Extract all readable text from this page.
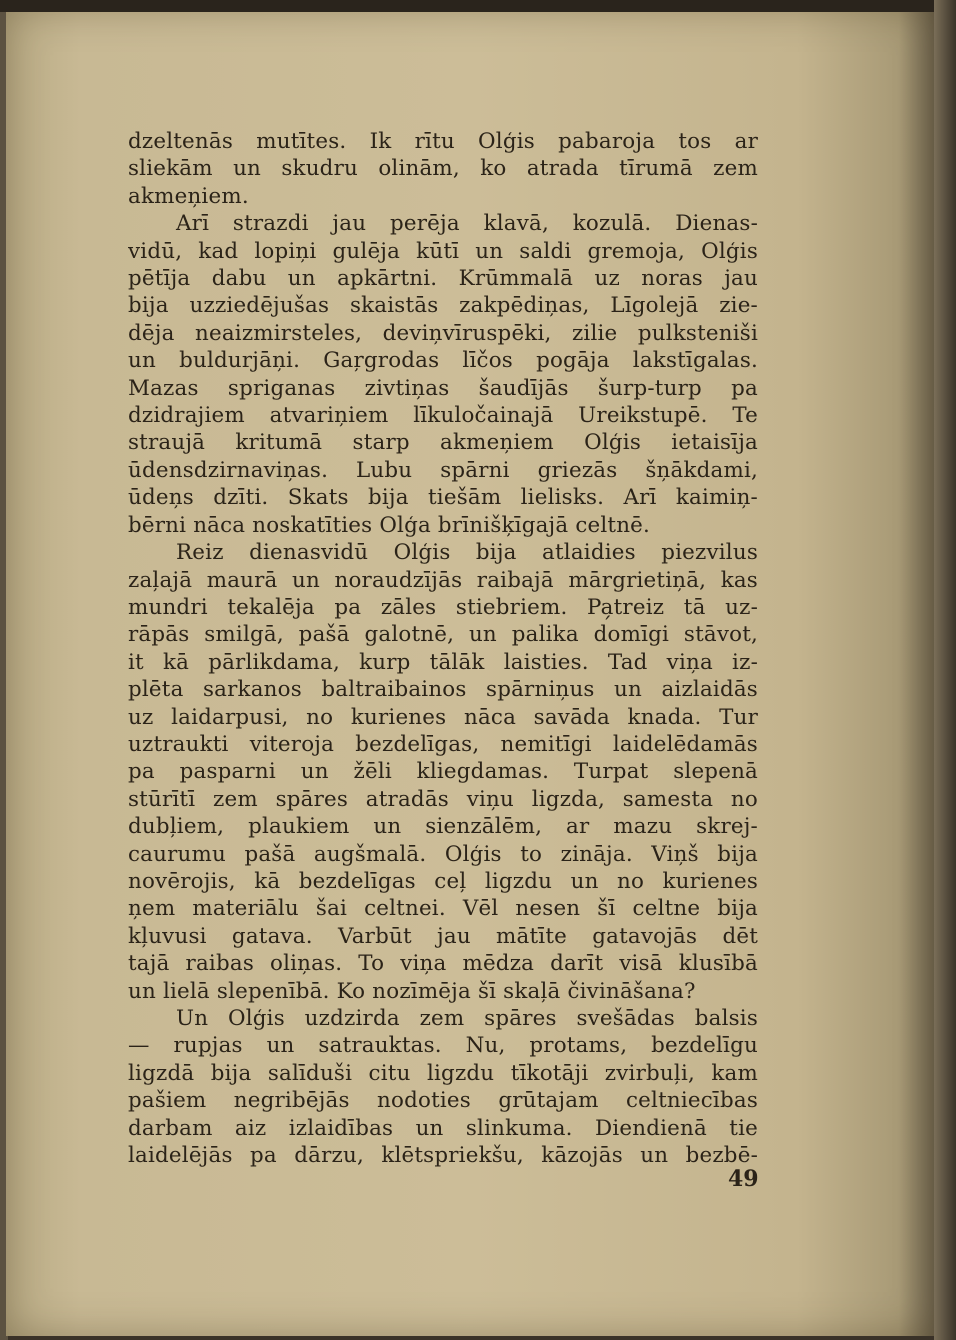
dzeltenās mutītes. Ik rītu Olģis pabaroja tos ar
sliekām un skudru olinām, ko atrada tīrumā zem
akmeņiem.
Arī strazdi jau perēja klavā, kozulā. Dienas-
vidū, kad lopiņi gulēja kūtī un saldi gremoja, Olģis
pētīja dabu un apkārtni. Krūmmalā uz noras jau
bija uzziedējušas skaistās zakpēdiņas, Līgolejā zie-
dēja neaizmirsteles, deviņvīruspēki, zilie pulksteniši
un buldurjāņi. Gaŗgrodas līčos pogāja lakstīgalas.
Mazas spriganas zivtiņas šaudījās šurp-turp pa
dzidrajiem atvariņiem līkuločainajā Ureikstupē. Te
straujā kritumā starp akmeņiem Olģis ietaisīja
ūdensdzirnaviņas. Lubu spārni griezās šņākdami,
ūdeņs dzīti. Skats bija tiešām lielisks. Arī kaimiņ-
bērni nāca noskatīties Olģa brīnišķīgajā celtnē.
Reiz dienasvidū Olģis bija atlaidies piezvilus
zaļajā maurā un noraudzījās raibajā mārgrietiņā, kas
mundri tekalēja pa zāles stiebriem. Pa̗treiz tā uz-
rāpās smilgā, pašā galotnē, un palika domīgi stāvot,
it kā pārlikdama, kurp tālāk laisties. Tad viņa iz-
plēta sarkanos baltraibainos spārniņus un aizlaidās
uz laidarpusi, no kurienes nāca savāda knada. Tur
uztraukti viteroja bezdelīgas, nemitīgi laidelēdamās
pa pasparni un žēli kliegdamas. Turpat slepenā
stūrītī zem spāres atradās viņu ligzda, samesta no
dubļiem, plaukiem un sienzālēm, ar mazu skrej-
caurumu pašā augšmalā. Olģis to zināja. Viņš bija
novērojis, kā bezdelīgas ceļ ligzdu un no kurienes
ņem materiālu šai celtnei. Vēl nesen šī celtne bija
kļuvusi gatava. Varbūt jau mātīte gatavojās dēt
tajā raibas oliņas. To viņa mēdza darīt visā klusībā
un lielā slepenībā. Ko nozīmēja šī skaļā čivināšana?
Un Olģis uzdzirda zem spāres svešādas balsis
— rupjas un satrauktas. Nu, protams, bezdelīgu
ligzdā bija salīduši citu ligzdu tīkotāji zvirbuļi, kam
pašiem negribējās nodoties grūtajam celtniecības
darbam aiz izlaidības un slinkuma. Diendienā tie
laidelējās pa dārzu, klētspriekšu, kāzojās un bezbē-
49
